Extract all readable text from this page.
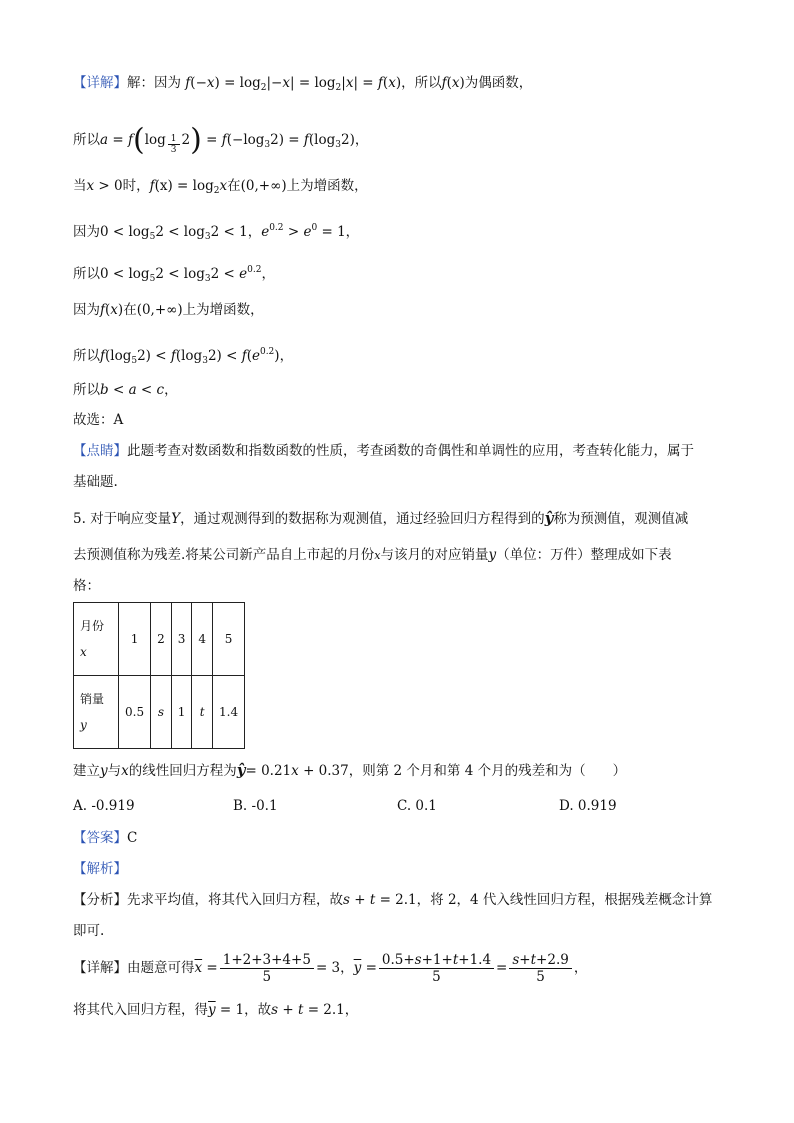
【详解】解：因为 $f(-x) = \log_2|-x| = \log_2|x| = f(x)$，所以f(x)为偶函数，
所以$a = f(\log \frac{1}{3} 2) = f(-\log_32) = f(\log_32)$，
当x > 0时，$f(x) = \log_2x$在(0,+∞)上为增函数，
因为$0 < \log_52 < \log_32 < 1$，$e^{0.2} > e^0 = 1$，
所以$0 < \log_52 < \log_32 < e^{0.2}$，
因为f(x)在(0,+∞)上为增函数，
所以$f(\log_52) < f(\log_32) < f(e^{0.2})$，
所以b < a < c，
故选：A
【点睛】此题考查对数函数和指数函数的性质，考查函数的奇偶性和单调性的应用，考查转化能力，属于
基础题.
5. 对于响应变量Y，通过观测得到的数据称为观测值，通过经验回归方程得到的ŷ称为预测值，观测值减
去预测值称为残差.将某公司新产品自上市起的月份x与该月的对应销量y（单位：万件）整理成如下表
格：
月份
x	1	2	3	4	5
销量
y	0.5	s	1	t	1.4
建立y与x的线性回归方程为ŷ= 0.21x + 0.37，则第 2 个月和第 4 个月的残差和为（　　）
A. -0.919	B. -0.1	C. 0.1	D. 0.919
【答案】C
【解析】
【分析】先求平均值，将其代入回归方程，故s + t = 2.1，将 2，4 代入线性回归方程，根据残差概念计算
即可.
【详解】由题意可得$\overline{x} = \frac{1+2+3+4+5}{5} = 3$，$\overline{y} = \frac{0.5+s+1+t+1.4}{5} = \frac{s+t+2.9}{5}$ ，
将其代入回归方程，得$\overline{y} = 1$，故s + t = 2.1，
